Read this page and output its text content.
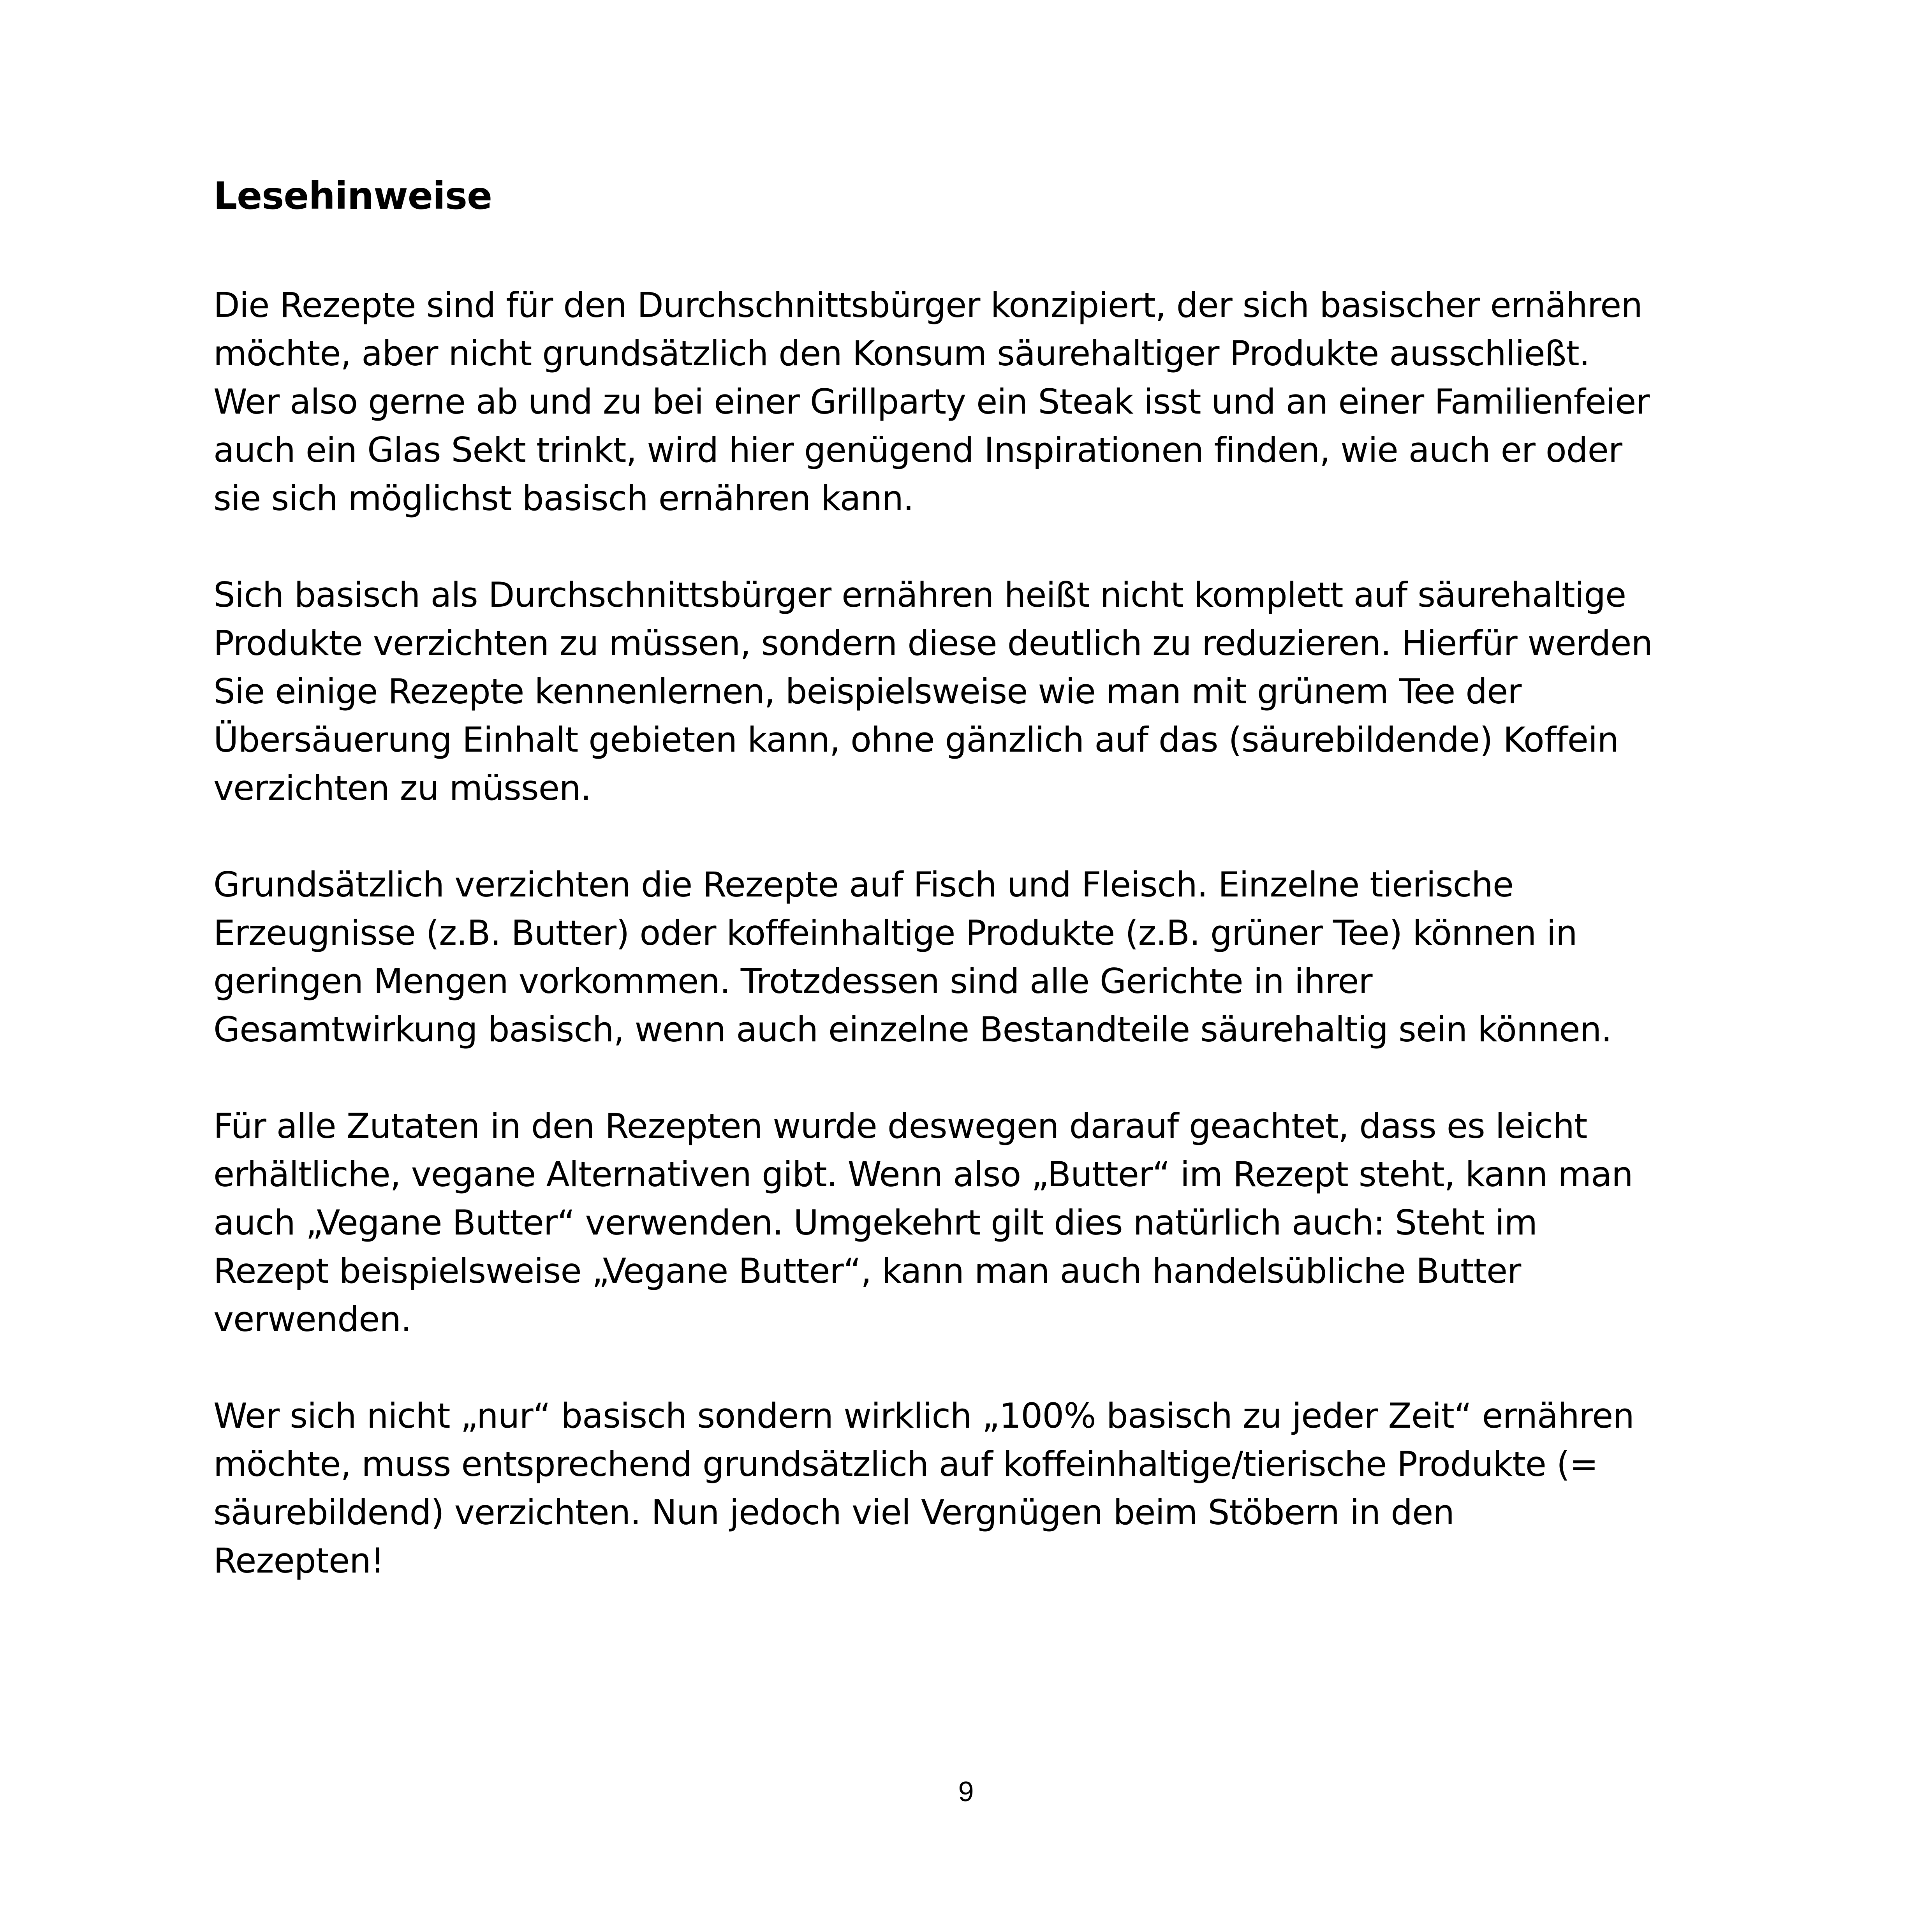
Lesehinweise

Die Rezepte sind für den Durchschnittsbürger konzipiert, der sich basischer ernähren
möchte, aber nicht grundsätzlich den Konsum säurehaltiger Produkte ausschließt.
Wer also gerne ab und zu bei einer Grillparty ein Steak isst und an einer Familienfeier
auch ein Glas Sekt trinkt, wird hier genügend Inspirationen finden, wie auch er oder
sie sich möglichst basisch ernähren kann.

Sich basisch als Durchschnittsbürger ernähren heißt nicht komplett auf säurehaltige
Produkte verzichten zu müssen, sondern diese deutlich zu reduzieren. Hierfür werden
Sie einige Rezepte kennenlernen, beispielsweise wie man mit grünem Tee der
Übersäuerung Einhalt gebieten kann, ohne gänzlich auf das (säurebildende) Koffein
verzichten zu müssen.

Grundsätzlich verzichten die Rezepte auf Fisch und Fleisch. Einzelne tierische
Erzeugnisse (z.B. Butter) oder koffeinhaltige Produkte (z.B. grüner Tee) können in
geringen Mengen vorkommen. Trotzdessen sind alle Gerichte in ihrer
Gesamtwirkung basisch, wenn auch einzelne Bestandteile säurehaltig sein können.

Für alle Zutaten in den Rezepten wurde deswegen darauf geachtet, dass es leicht
erhältliche, vegane Alternativen gibt. Wenn also „Butter“ im Rezept steht, kann man
auch „Vegane Butter“ verwenden. Umgekehrt gilt dies natürlich auch: Steht im
Rezept beispielsweise „Vegane Butter“, kann man auch handelsübliche Butter
verwenden.

Wer sich nicht „nur“ basisch sondern wirklich „100% basisch zu jeder Zeit“ ernähren
möchte, muss entsprechend grundsätzlich auf koffeinhaltige/tierische Produkte (=
säurebildend) verzichten. Nun jedoch viel Vergnügen beim Stöbern in den
Rezepten!

9
